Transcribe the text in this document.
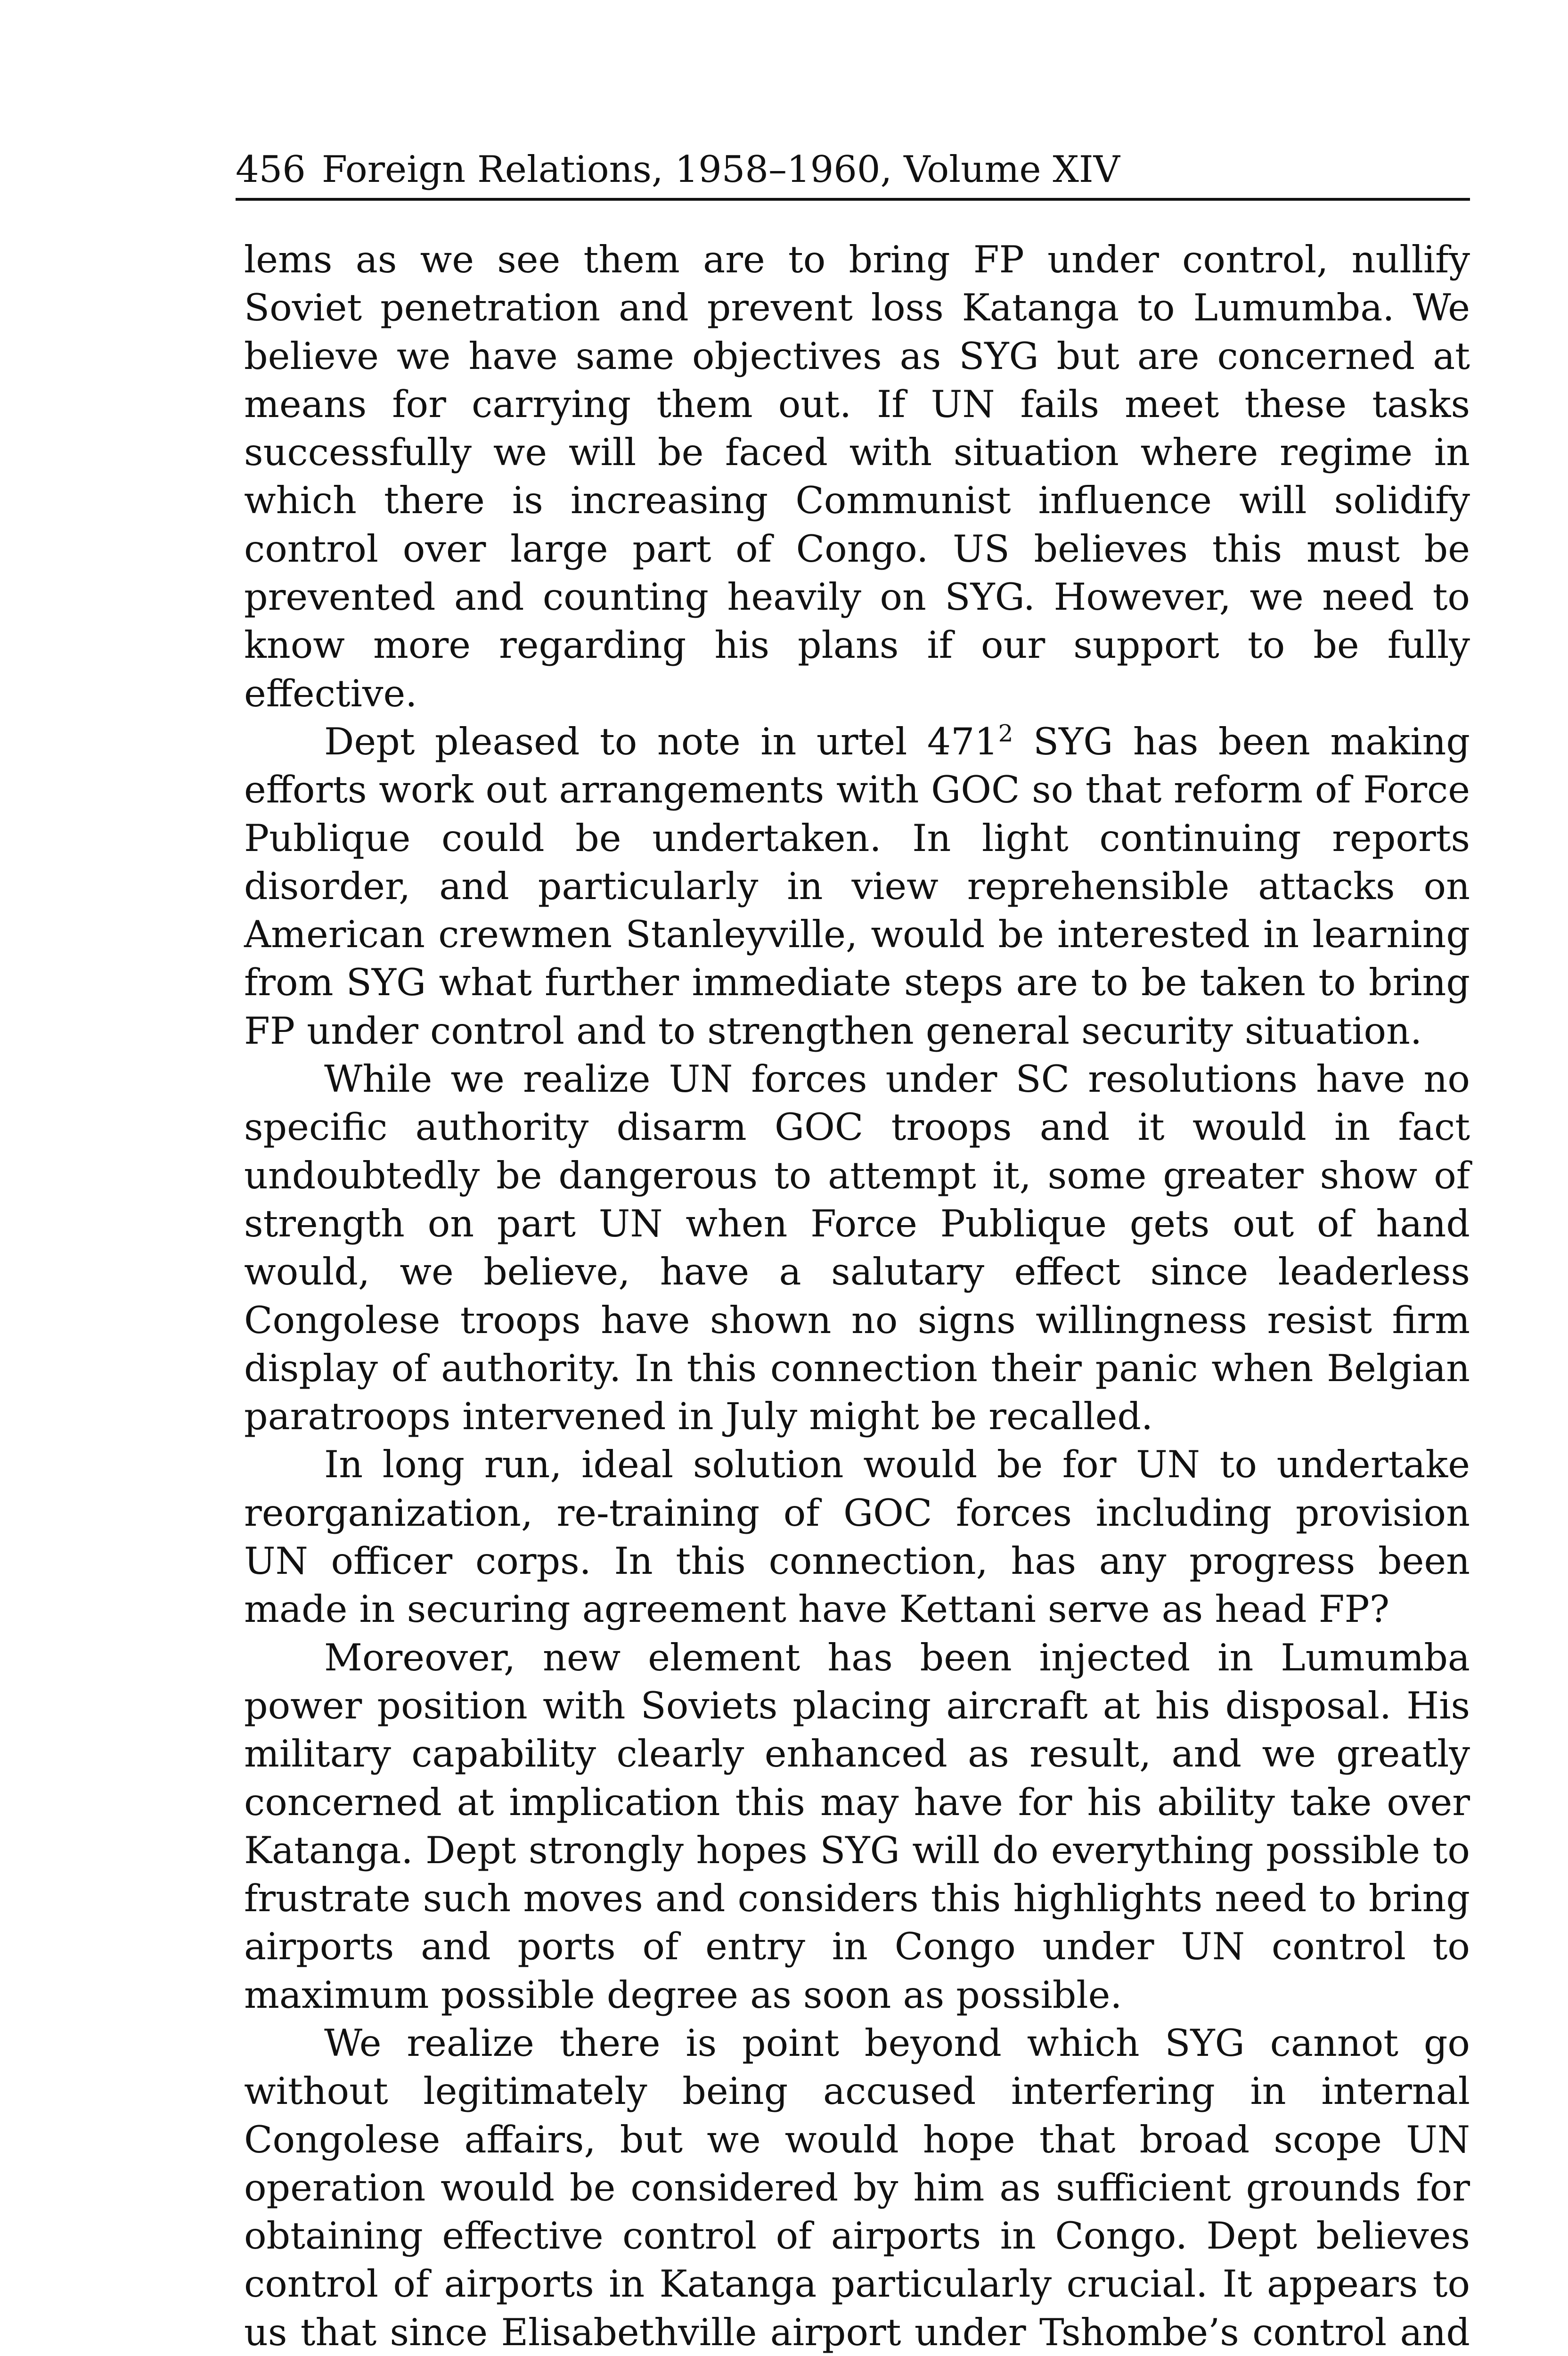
456 Foreign Relations, 1958–1960, Volume XIV

lems as we see them are to bring FP under control, nullify Soviet penetration and prevent loss Katanga to Lumumba. We believe we have same objectives as SYG but are concerned at means for carrying them out. If UN fails meet these tasks successfully we will be faced with situation where regime in which there is increasing Communist influence will solidify control over large part of Congo. US believes this must be prevented and counting heavily on SYG. However, we need to know more regarding his plans if our support to be fully effective.

Dept pleased to note in urtel 471$^2$ SYG has been making efforts work out arrangements with GOC so that reform of Force Publique could be undertaken. In light continuing reports disorder, and particularly in view reprehensible attacks on American crewmen Stanleyville, would be interested in learning from SYG what further immediate steps are to be taken to bring FP under control and to strengthen general security situation.

While we realize UN forces under SC resolutions have no specific authority disarm GOC troops and it would in fact undoubtedly be dangerous to attempt it, some greater show of strength on part UN when Force Publique gets out of hand would, we believe, have a salutary effect since leaderless Congolese troops have shown no signs willingness resist firm display of authority. In this connection their panic when Belgian paratroops intervened in July might be recalled.

In long run, ideal solution would be for UN to undertake reorganization, re-training of GOC forces including provision UN officer corps. In this connection, has any progress been made in securing agreement have Kettani serve as head FP?

Moreover, new element has been injected in Lumumba power position with Soviets placing aircraft at his disposal. His military capability clearly enhanced as result, and we greatly concerned at implication this may have for his ability take over Katanga. Dept strongly hopes SYG will do everything possible to frustrate such moves and considers this highlights need to bring airports and ports of entry in Congo under UN control to maximum possible degree as soon as possible.

We realize there is point beyond which SYG cannot go without legitimately being accused interfering in internal Congolese affairs, but we would hope that broad scope UN operation would be considered by him as sufficient grounds for obtaining effective control of airports in Congo. Dept believes control of airports in Katanga particularly crucial. It appears to us that since Elisabethville airport under Tshombe’s control and
